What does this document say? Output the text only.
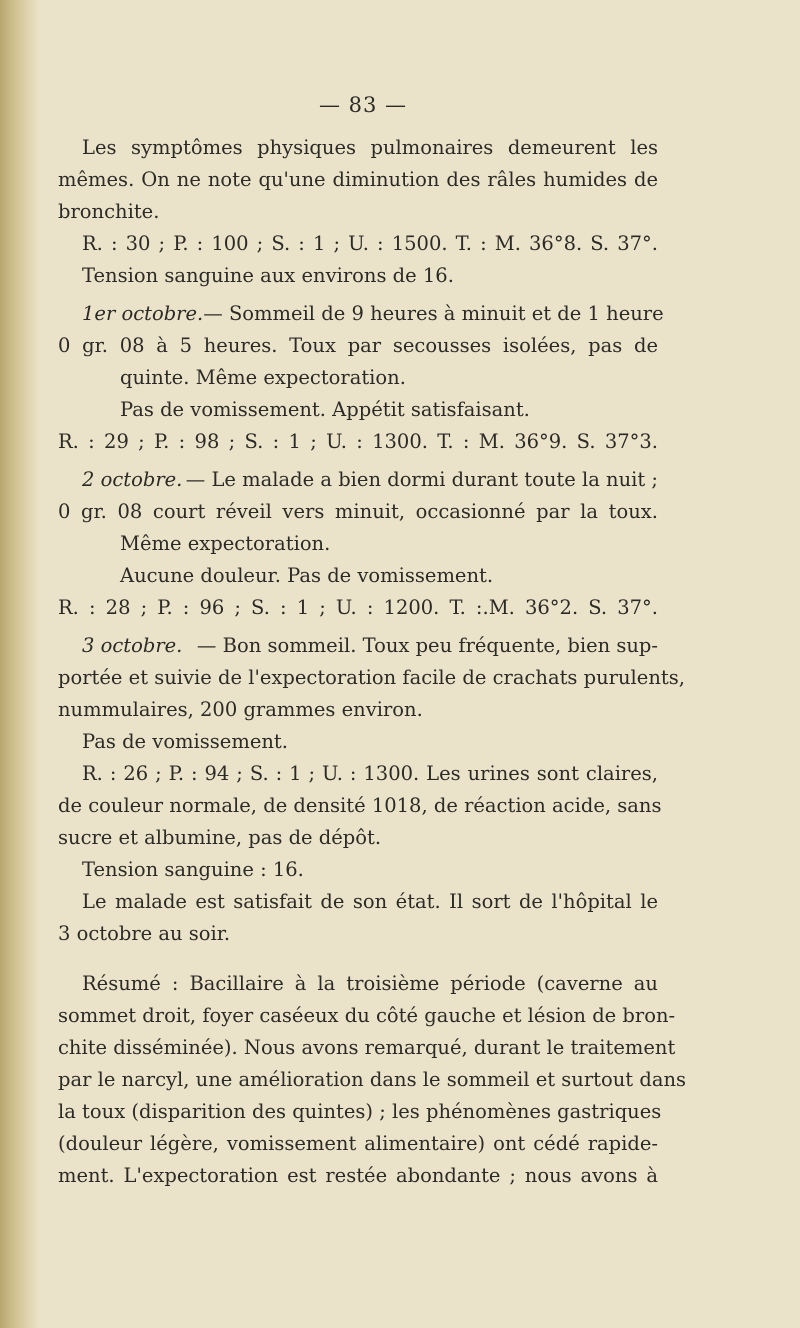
— 83 —
Les symptômes physiques pulmonaires demeurent les
mêmes. On ne note qu'une diminution des râles humides de
bronchite.
R. : 30 ; P. : 100 ; S. : 1 ; U. : 1500. T. : M. 36°8. S. 37°.
Tension sanguine aux environs de 16.
1er octobre. — Sommeil de 9 heures à minuit et de 1 heure
0 gr. 08 à 5 heures. Toux par secousses isolées, pas de
quinte. Même expectoration.
Pas de vomissement. Appétit satisfaisant.
R. : 29 ; P. : 98 ; S. : 1 ; U. : 1300. T. : M. 36°9. S. 37°3.
2 octobre. — Le malade a bien dormi durant toute la nuit ;
0 gr. 08 court réveil vers minuit, occasionné par la toux.
Même expectoration.
Aucune douleur. Pas de vomissement.
R. : 28 ; P. : 96 ; S. : 1 ; U. : 1200. T. :.M. 36°2. S. 37°.
3 octobre. — Bon sommeil. Toux peu fréquente, bien sup-
portée et suivie de l'expectoration facile de crachats purulents,
nummulaires, 200 grammes environ.
Pas de vomissement.
R. : 26 ; P. : 94 ; S. : 1 ; U. : 1300. Les urines sont claires,
de couleur normale, de densité 1018, de réaction acide, sans
sucre et albumine, pas de dépôt.
Tension sanguine : 16.
Le malade est satisfait de son état. Il sort de l'hôpital le
3 octobre au soir.
Résumé : Bacillaire à la troisième période (caverne au
sommet droit, foyer caséeux du côté gauche et lésion de bron-
chite disséminée). Nous avons remarqué, durant le traitement
par le narcyl, une amélioration dans le sommeil et surtout dans
la toux (disparition des quintes) ; les phénomènes gastriques
(douleur légère, vomissement alimentaire) ont cédé rapide-
ment. L'expectoration est restée abondante ; nous avons à
